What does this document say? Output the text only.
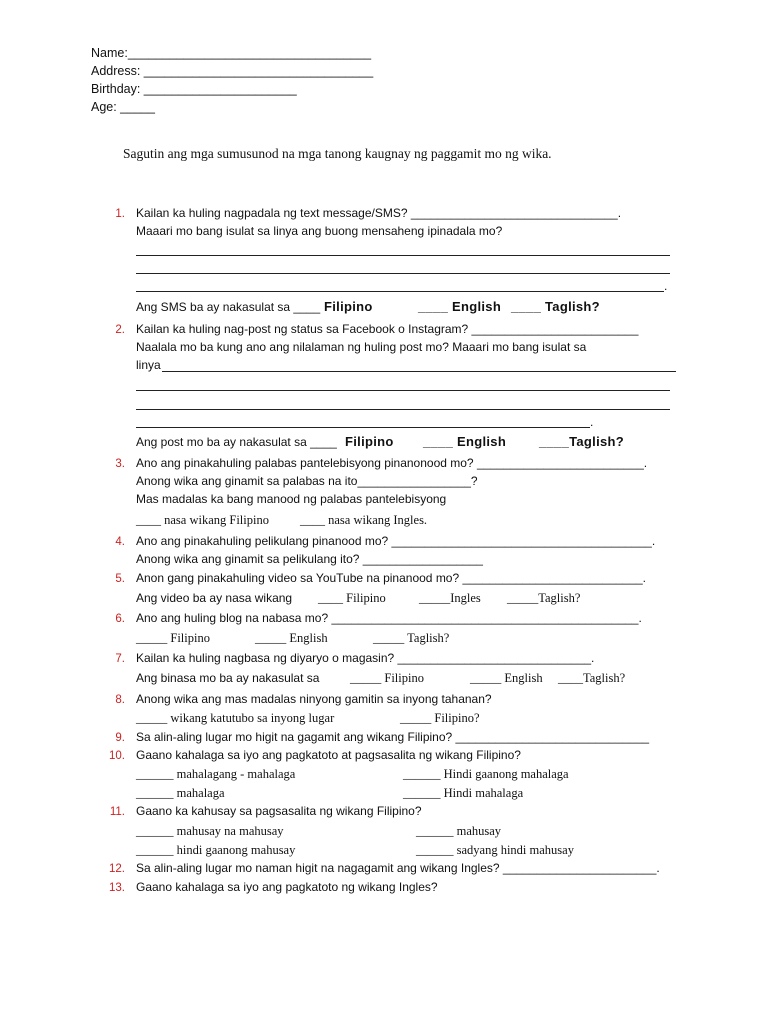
Name:___________________________________
Address: _________________________________
Birthday: ______________________
Age: _____
Sagutin ang mga sumusunod na mga tanong kaugnay ng paggamit mo ng wika.
1. Kailan ka huling nagpadala ng text message/SMS? _______________________________.
Maaari mo bang isulat sa linya ang buong mensaheng ipinadala mo?
.
Ang SMS ba ay nakasulat sa ____ Filipino	____ English ____ Taglish?
2. Kailan ka huling nag-post ng status sa Facebook o Instagram? _________________________
Naalala mo ba kung ano ang nilalaman ng huling post mo? Maaari mo bang isulat sa
linya
.
Ang post mo ba ay nakasulat sa ____ Filipino ____ English	____Taglish?
3. Ano ang pinakahuling palabas pantelebisyong pinanonood mo? _________________________.
Anong wika ang ginamit sa palabas na ito_________________?
Mas madalas ka bang manood ng palabas pantelebisyong
____ nasa wikang Filipino ____ nasa wikang Ingles.
4. Ano ang pinakahuling pelikulang pinanood mo? _______________________________________.
Anong wika ang ginamit sa pelikulang ito? __________________
5. Anon gang pinakahuling video sa YouTube na pinanood mo? ___________________________.
Ang video ba ay nasa wikang ____ Filipino	_____Ingles _____Taglish?
6. Ano ang huling blog na nabasa mo? ______________________________________________.
_____ Filipino	_____ English	_____ Taglish?
7. Kailan ka huling nagbasa ng diyaryo o magasin? _____________________________.
Ang binasa mo ba ay nakasulat sa _____ Filipino	_____ English ____Taglish?
8. Anong wika ang mas madalas ninyong gamitin sa inyong tahanan?
_____ wikang katutubo sa inyong lugar	_____ Filipino?
9. Sa alin-aling lugar mo higit na gagamit ang wikang Filipino? _____________________________
10. Gaano kahalaga sa iyo ang pagkatoto at pagsasalita ng wikang Filipino?
______ mahalagang - mahalaga	______ Hindi gaanong mahalaga
______ mahalaga	______ Hindi mahalaga
11. Gaano ka kahusay sa pagsasalita ng wikang Filipino?
______ mahusay na mahusay	______ mahusay
______ hindi gaanong mahusay	______ sadyang hindi mahusay
12. Sa alin-aling lugar mo naman higit na nagagamit ang wikang Ingles? _______________________.
13. Gaano kahalaga sa iyo ang pagkatoto ng wikang Ingles?
